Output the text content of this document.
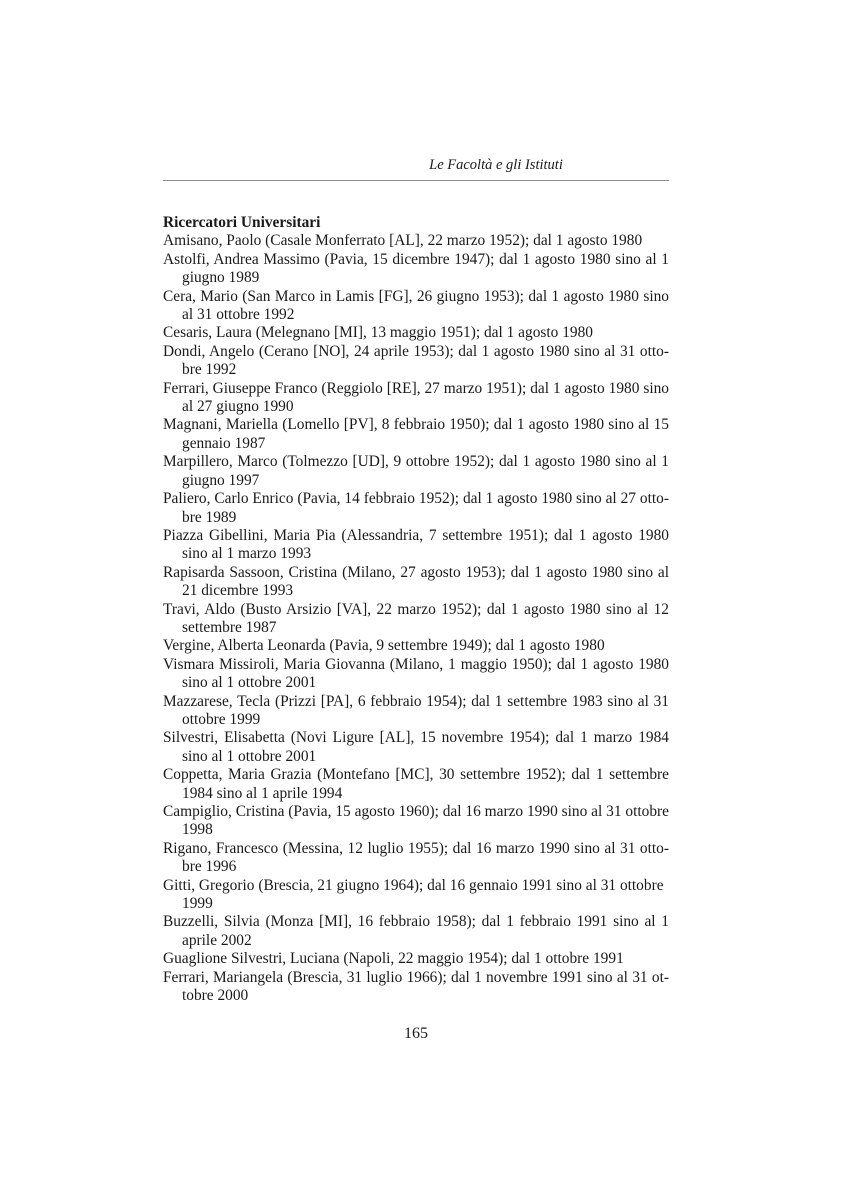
Le Facoltà e gli Istituti

Ricercatori Universitari

Amisano, Paolo (Casale Monferrato [AL], 22 marzo 1952); dal 1 agosto 1980
Astolfi, Andrea Massimo (Pavia, 15 dicembre 1947); dal 1 agosto 1980 sino al 1 giugno 1989
Cera, Mario (San Marco in Lamis [FG], 26 giugno 1953); dal 1 agosto 1980 sino al 31 ottobre 1992
Cesaris, Laura (Melegnano [MI], 13 maggio 1951); dal 1 agosto 1980
Dondi, Angelo (Cerano [NO], 24 aprile 1953); dal 1 agosto 1980 sino al 31 ottobre 1992
Ferrari, Giuseppe Franco (Reggiolo [RE], 27 marzo 1951); dal 1 agosto 1980 sino al 27 giugno 1990
Magnani, Mariella (Lomello [PV], 8 febbraio 1950); dal 1 agosto 1980 sino al 15 gennaio 1987
Marpillero, Marco (Tolmezzo [UD], 9 ottobre 1952); dal 1 agosto 1980 sino al 1 giugno 1997
Paliero, Carlo Enrico (Pavia, 14 febbraio 1952); dal 1 agosto 1980 sino al 27 ottobre 1989
Piazza Gibellini, Maria Pia (Alessandria, 7 settembre 1951); dal 1 agosto 1980 sino al 1 marzo 1993
Rapisarda Sassoon, Cristina (Milano, 27 agosto 1953); dal 1 agosto 1980 sino al 21 dicembre 1993
Travi, Aldo (Busto Arsizio [VA], 22 marzo 1952); dal 1 agosto 1980 sino al 12 settembre 1987
Vergine, Alberta Leonarda (Pavia, 9 settembre 1949); dal 1 agosto 1980
Vismara Missiroli, Maria Giovanna (Milano, 1 maggio 1950); dal 1 agosto 1980 sino al 1 ottobre 2001
Mazzarese, Tecla (Prizzi [PA], 6 febbraio 1954); dal 1 settembre 1983 sino al 31 ottobre 1999
Silvestri, Elisabetta (Novi Ligure [AL], 15 novembre 1954); dal 1 marzo 1984 sino al 1 ottobre 2001
Coppetta, Maria Grazia (Montefano [MC], 30 settembre 1952); dal 1 settembre 1984 sino al 1 aprile 1994
Campiglio, Cristina (Pavia, 15 agosto 1960); dal 16 marzo 1990 sino al 31 ottobre 1998
Rigano, Francesco (Messina, 12 luglio 1955); dal 16 marzo 1990 sino al 31 ottobre 1996
Gitti, Gregorio (Brescia, 21 giugno 1964); dal 16 gennaio 1991 sino al 31 ottobre 1999
Buzzelli, Silvia (Monza [MI], 16 febbraio 1958); dal 1 febbraio 1991 sino al 1 aprile 2002
Guaglione Silvestri, Luciana (Napoli, 22 maggio 1954); dal 1 ottobre 1991
Ferrari, Mariangela (Brescia, 31 luglio 1966); dal 1 novembre 1991 sino al 31 ottobre 2000
165
